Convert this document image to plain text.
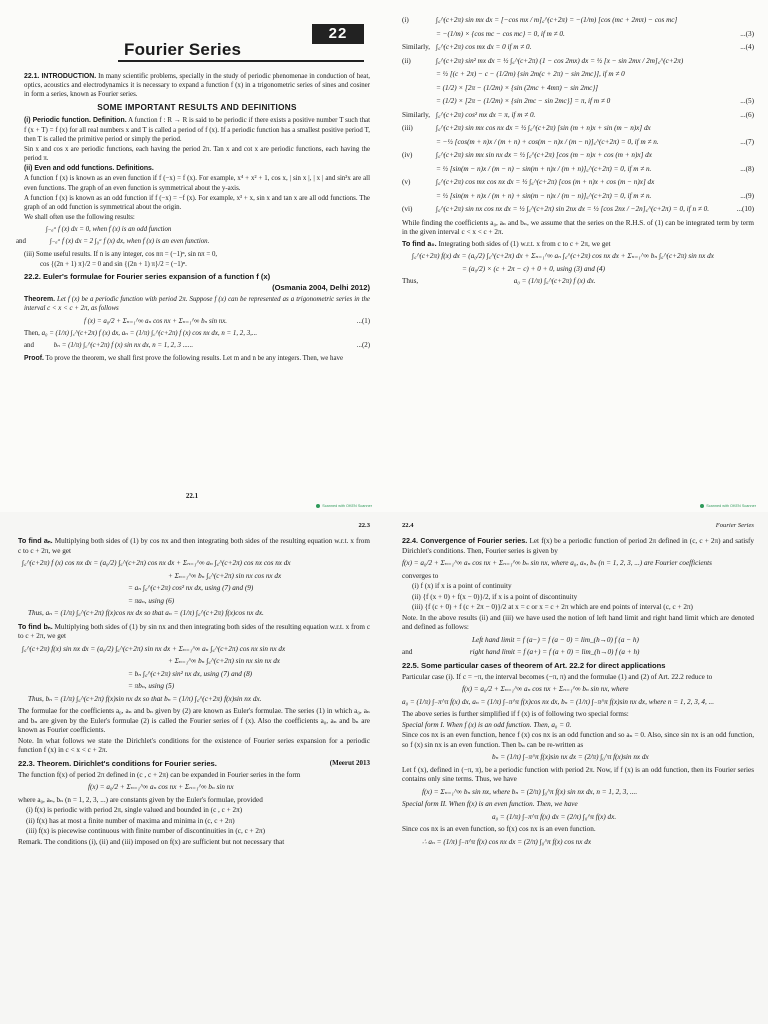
22
Fourier Series

22.1. INTRODUCTION. In many scientific problems, specially in the study of periodic phenomenae in conduction of heat, optics, acoustics and electrodynamics it is necessary to expand a function f (x) in a trigonometric series of sines and cosiner in form a series, known as Fourier series.

SOME IMPORTANT RESULTS AND DEFINITIONS

(i) Periodic function. Definition. A function f : R → R is said to be periodic if there exists a positive number T such that f (x + T) = f (x) for all real numbers x and T is called a period of f (x). If a periodic function has a smallest positive period T, then T is called the primitive period or simply the period.

Sin x and cos x are periodic functions, each having the period 2π. Tan x and cot x are periodic functions, each having the period π.

(ii) Even and odd functions. Definitions.

A function f (x) is known as an even function if f (−x) = f (x). For example, x⁴ + x² + 1, cos x, | sin x |, | x | and sin²x are all even functions. The graph of an even function is symmetrical about the y-axis.

A function f (x) is known as an odd function if f (−x) = −f (x). For example, x³ + x, sin x and tan x are all odd functions. The graph of an odd function is symmetrical about the origin.

We shall often use the following results:

∫₋ₐᵃ f (x) dx = 0, when f (x) is an odd function
and	∫₋ₐᵃ f (x) dx = 2 ∫₀ᵃ f (x) dx, when f (x) is an even function.

(iii) Some useful results. If n is any integer, cos nπ = (−1)ⁿ, sin nπ = 0,

cos {(2n + 1) π}/2 = 0 and sin {(2n + 1) π}/2 = (−1)ⁿ.

22.2. Euler's formulae for Fourier series expansion of a function f (x)
(Osmania 2004, Delhi 2012)

Theorem. Let f (x) be a periodic function with period 2π. Suppose f (x) can be represented as a trigonometric series in the interval c < x < c + 2π, as follows

f (x) = a₀/2 + Σₙ₌₁^∞ aₙ cos nx + Σₙ₌₁^∞ bₙ sin nx.	...(1)
Then, a₀ = (1/π) ∫꜀^(c+2π) f (x) dx, aₙ = (1/π) ∫꜀^(c+2π) f (x) cos nx dx, n = 1, 2, 3,...
and	bₙ = (1/π) ∫꜀^(c+2π) f (x) sin nx dx, n = 1, 2, 3 ......	...(2)

Proof. To prove the theorem, we shall first prove the following results. Let m and n be any integers. Then, we have

22.1
Scanned with OKEN Scanner
(i)	∫꜀^(c+2π) sin mx dx = [−cos mx / m]꜀^(c+2π) = −(1/m) [cos (mc + 2mπ) − cos mc]
= −(1/m) × {cos mc − cos mc} = 0, if m ≠ 0.	...(3)
Similarly, ∫꜀^(c+2π) cos mx dx = 0 if m ≠ 0.	...(4)
(ii)	∫꜀^(c+2π) sin² mx dx = ½ ∫꜀^(c+2π) (1 − cos 2mx) dx = ½ [x − sin 2mx / 2m]꜀^(c+2π)
= ½ [(c + 2π) − c − (1/2m) {sin 2m(c + 2π) − sin 2mc}], if m ≠ 0
= (1/2) × [2π − (1/2m) × {sin (2mc + 4mπ) − sin 2mc}]
= (1/2) × [2π − (1/2m) × {sin 2mc − sin 2mc}] = π, if m ≠ 0	...(5)
Similarly, ∫꜀^(c+2π) cos² mx dx = π, if m ≠ 0.	...(6)
(iii)	∫꜀^(c+2π) sin mx cos nx dx = ½ ∫꜀^(c+2π) [sin (m + n)x + sin (m − n)x] dx
= −½ [cos(m + n)x / (m + n) + cos(m − n)x / (m − n)]꜀^(c+2π) = 0, if m ≠ n.	...(7)
(iv)	∫꜀^(c+2π) sin mx sin nx dx = ½ ∫꜀^(c+2π) [cos (m − n)x + cos (m + n)x] dx
= ½ [sin(m − n)x / (m − n) − sin(m + n)x / (m + n)]꜀^(c+2π) = 0, if m ≠ n.	...(8)
(v)	∫꜀^(c+2π) cos mx cos nx dx = ½ ∫꜀^(c+2π) [cos (m + n)x + cos (m − n)x] dx
= ½ [sin(m + n)x / (m + n) + sin(m − n)x / (m − n)]꜀^(c+2π) = 0, if m ≠ n.	...(9)
(vi)	∫꜀^(c+2π) sin nx cos nx dx = ½ ∫꜀^(c+2π) sin 2nx dx = ½ [cos 2nx / −2n]꜀^(c+2π) = 0, if n ≠ 0.	...(10)

While finding the coefficients a₀, aₙ and bₙ, we assume that the series on the R.H.S. of (1) can be integrated term by term in the given interval c < x < c + 2π.

To find a₀. Integrating both sides of (1) w.r.t. x from c to c + 2π, we get

∫꜀^(c+2π) f(x) dx = (a₀/2) ∫꜀^(c+2π) dx + Σₙ₌₁^∞ aₙ ∫꜀^(c+2π) cos nx dx + Σₙ₌₁^∞ bₙ ∫꜀^(c+2π) sin nx dx
= (a₀/2) × (c + 2π − c) + 0 + 0, using (3) and (4)
Thus,	a₀ = (1/π) ∫꜀^(c+2π) f (x) dx.
Scanned with OKEN Scanner
22.3

To find aₙ. Multiplying both sides of (1) by cos nx and then integrating both sides of the resulting equation w.r.t. x from c to c + 2π, we get

∫꜀^(c+2π) f (x) cos nx dx = (a₀/2) ∫꜀^(c+2π) cos nx dx + Σₙ₌₁^∞ aₙ ∫꜀^(c+2π) cos nx cos nx dx
+ Σₙ₌₁^∞ bₙ ∫꜀^(c+2π) sin nx cos nx dx
= aₙ ∫꜀^(c+2π) cos² nx dx, using (7) and (9)
= πaₙ, using (6)
Thus, aₙ = (1/π) ∫꜀^(c+2π) f(x)cos nx dx so that aₙ = (1/π) ∫꜀^(c+2π) f(x)cos nx dx.

To find bₙ. Multiplying both sides of (1) by sin nx and then integrating both sides of the resulting equation w.r.t. x from c to c + 2π, we get

∫꜀^(c+2π) f(x) sin nx dx = (a₀/2) ∫꜀^(c+2π) sin nx dx + Σₙ₌₁^∞ aₙ ∫꜀^(c+2π) cos nx sin nx dx
+ Σₙ₌₁^∞ bₙ ∫꜀^(c+2π) sin nx sin nx dx
= bₙ ∫꜀^(c+2π) sin² nx dx, using (7) and (8)
= πbₙ, using (5)
Thus, bₙ = (1/π) ∫꜀^(c+2π) f(x)sin nx dx so that bₙ = (1/π) ∫꜀^(c+2π) f(x)sin nx dx.

The formulae for the coefficients a₀, aₙ and bₙ given by (2) are known as Euler's formulae. The series (1) in which a₀, aₙ and bₙ are given by the Euler's formulae (2) is called the Fourier series of f (x). Also the coefficients a₀, aₙ and bₙ are known as Fourier coefficients.

Note. In what follows we state the Dirichlet's conditions for the existence of Fourier series expansion for a periodic function f (x) in c < x < c + 2π.

22.3. Theorem. Dirichlet's conditions for Fourier series.	(Meerut 2013

The function f(x) of period 2π defined in (c , c + 2π) can be expanded in Fourier series in the form

f(x) = a₀/2 + Σₙ₌₁^∞ aₙ cos nx + Σₙ₌₁^∞ bₙ sin nx

where a₀, aₙ, bₙ (n = 1, 2, 3, ...) are constants given by the Euler's formulae, provided

(i) f(x) is periodic with period 2π, single valued and bounded in (c , c + 2π)

(ii) f(x) has at most a finite number of maxima and minima in (c, c + 2π)

(iii) f(x) is piecewise continuous with finite number of discontinuities in (c, c + 2π)

Remark. The conditions (i), (ii) and (iii) imposed on f(x) are sufficient but not necessary that

22.4	Fourier Series

22.4. Convergence of Fourier series. Let f(x) be a periodic function of period 2π defined in (c, c + 2π) and satisfy Dirichlet's conditions. Then, Fourier series is given by

f(x) = a₀/2 + Σₙ₌₁^∞ aₙ cos nx + Σₙ₌₁^∞ bₙ sin nx, where a₀, aₙ, bₙ (n = 1, 2, 3, ...) are Fourier coefficients

converges to

(i) f (x) if x is a point of continuity

(ii) {f (x + 0) + f(x − 0)}/2, if x is a point of discontinuity

(iii) {f (c + 0) + f (c + 2π − 0)}/2 at x = c or x = c + 2π which are end points of interval (c, c + 2π)

Note. In the above results (ii) and (iii) we have used the notion of left hand limit and right hand limit which are denoted and defined as follows:

Left hand limit = f (a−) = f (a − 0) = lim_(h→0) f (a − h)
and	right hand limit = f (a+) = f (a + 0) = lim_(h→0) f (a + h)
22.5. Some particular cases of theorem of Art. 22.2 for direct applications

Particular case (i). If c = −π, the interval becomes (−π, π) and the formulae (1) and (2) of Art. 22.2 reduce to

f(x) = a₀/2 + Σₙ₌₁^∞ aₙ cos nx + Σₙ₌₁^∞ bₙ sin nx, where
a₀ = (1/π) ∫₋π^π f(x) dx, aₙ = (1/π) ∫₋π^π f(x)cos nx dx, bₙ = (1/π) ∫₋π^π f(x)sin nx dx, where n = 1, 2, 3, 4, ...

The above series is further simplified if f (x) is of following two special forms:

Special form I. When f (x) is an odd function. Then, a₀ = 0.

Since cos nx is an even function, hence f (x) cos nx is an odd function and so aₙ = 0. Also, since sin nx is an odd function, so f (x) sin nx is an even function. Then bₙ can be re-written as

bₙ = (1/π) ∫₋π^π f(x)sin nx dx = (2/π) ∫₀^π f(x)sin nx dx

Let f (x), defined in (−π, π), be a periodic function with period 2π. Now, if f (x) is an odd function, then its Fourier series contains only sine terms. Thus, we have

f(x) = Σₙ₌₁^∞ bₙ sin nx, where bₙ = (2/π) ∫₀^π f(x) sin nx dx, n = 1, 2, 3, ....

Special form II. When f(x) is an even function. Then, we have

a₀ = (1/π) ∫₋π^π f(x) dx = (2/π) ∫₀^π f(x) dx.

Since cos nx is an even function, so f(x) cos nx is an even function.

∴ aₙ = (1/π) ∫₋π^π f(x) cos nx dx = (2/π) ∫₀^π f(x) cos nx dx
